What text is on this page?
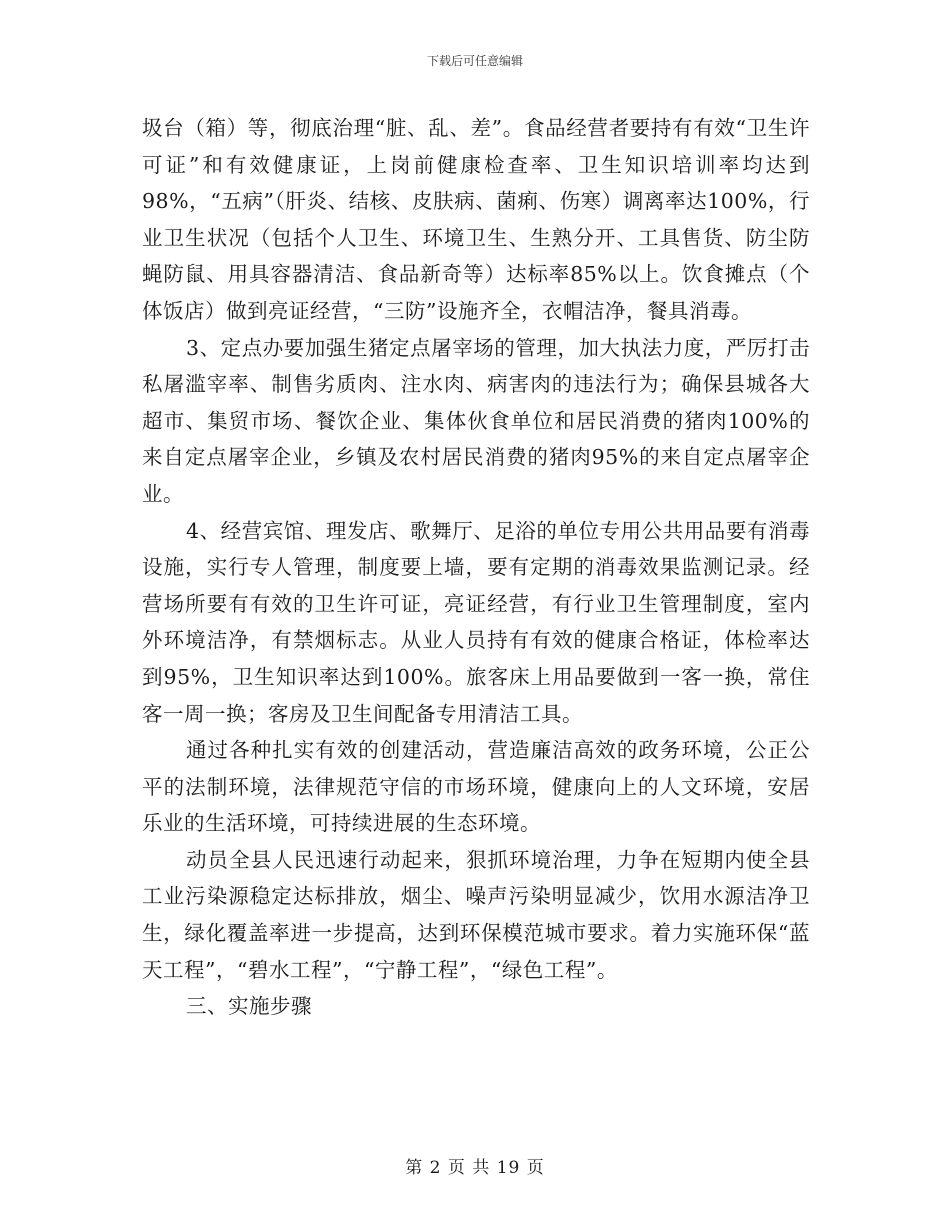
下载后可任意编辑

圾台（箱）等，彻底治理“脏、乱、差”。食品经营者要持有有效“卫生许可证”和有效健康证，上岗前健康检查率、卫生知识培训率均达到98%，“五病”（肝炎、结核、皮肤病、菌痢、伤寒）调离率达100%，行业卫生状况（包括个人卫生、环境卫生、生熟分开、工具售货、防尘防蝇防鼠、用具容器清洁、食品新奇等）达标率85%以上。饮食摊点（个体饭店）做到亮证经营，“三防”设施齐全，衣帽洁净，餐具消毒。

3、定点办要加强生猪定点屠宰场的管理，加大执法力度，严厉打击私屠滥宰率、制售劣质肉、注水肉、病害肉的违法行为；确保县城各大超市、集贸市场、餐饮企业、集体伙食单位和居民消费的猪肉100%的来自定点屠宰企业，乡镇及农村居民消费的猪肉95%的来自定点屠宰企业。

4、经营宾馆、理发店、歌舞厅、足浴的单位专用公共用品要有消毒设施，实行专人管理，制度要上墙，要有定期的消毒效果监测记录。经营场所要有有效的卫生许可证，亮证经营，有行业卫生管理制度，室内外环境洁净，有禁烟标志。从业人员持有有效的健康合格证，体检率达到95%，卫生知识率达到100%。旅客床上用品要做到一客一换，常住客一周一换；客房及卫生间配备专用清洁工具。

通过各种扎实有效的创建活动，营造廉洁高效的政务环境，公正公平的法制环境，法律规范守信的市场环境，健康向上的人文环境，安居乐业的生活环境，可持续进展的生态环境。

动员全县人民迅速行动起来，狠抓环境治理，力争在短期内使全县工业污染源稳定达标排放，烟尘、噪声污染明显减少，饮用水源洁净卫生，绿化覆盖率进一步提高，达到环保模范城市要求。着力实施环保“蓝天工程”，“碧水工程”，“宁静工程”，“绿色工程”。

三、实施步骤

第 2 页 共 19 页
